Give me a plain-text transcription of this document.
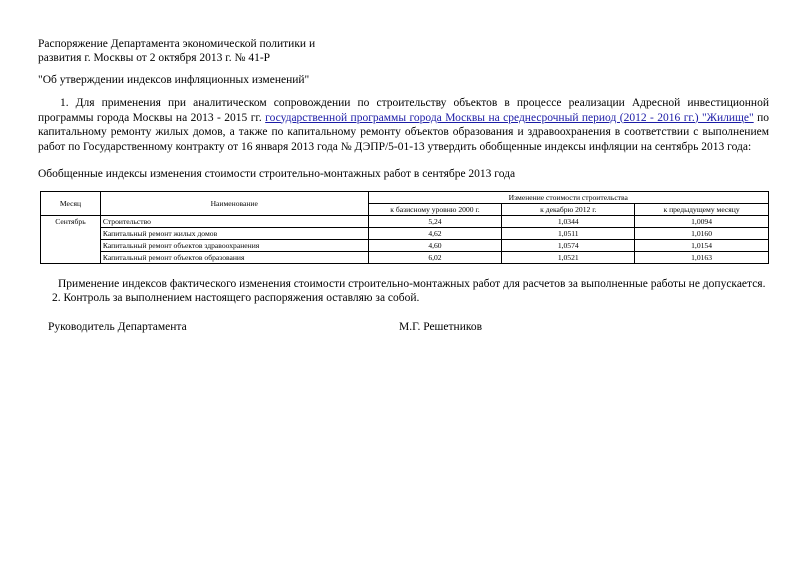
Распоряжение Департамента экономической политики и
развития г. Москвы от 2 октября 2013 г. № 41-Р
"Об утверждении индексов инфляционных изменений"
1. Для применения при аналитическом сопровождении по строительству объектов в процессе реализации Адресной инвестиционной программы города Москвы на 2013 - 2015 гг. государственной программы города Москвы на среднесрочный период (2012 - 2016 гг.) "Жилище" по капитальному ремонту жилых домов, а также по капитальному ремонту объектов образования и здравоохранения в соответствии с выполнением работ по Государственному контракту от 16 января 2013 года № ДЭПР/5-01-13 утвердить обобщенные индексы инфляции на сентябрь 2013 года:
Обобщенные индексы изменения стоимости строительно-монтажных работ в сентябре 2013 года
Месяц	Наименование	Изменение стоимости строительства		
		к базисному уровню 2000 г.	к декабрю 2012 г.	к предыдущему месяцу
Сентябрь	Строительство	5,24	1,0344	1,0094
	Капитальный ремонт жилых домов	4,62	1,0511	1,0160
	Капитальный ремонт объектов здравоохранения	4,60	1,0574	1,0154
	Капитальный ремонт объектов образования	6,02	1,0521	1,0163
Применение индексов фактического изменения стоимости строительно-монтажных работ для расчетов за выполненные работы не допускается.
2. Контроль за выполнением настоящего распоряжения оставляю за собой.
Руководитель Департамента	М.Г. Решетников
